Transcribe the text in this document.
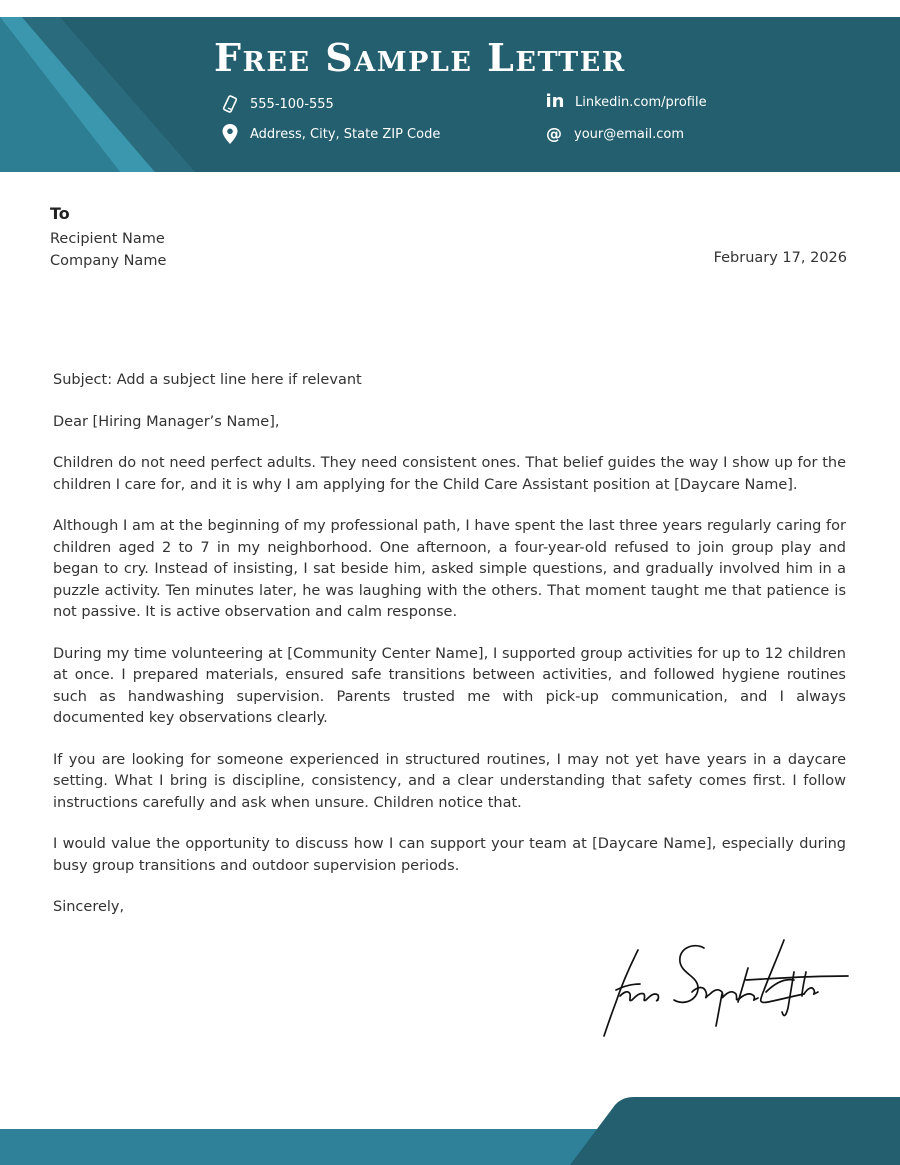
Free Sample Letter
555-100-555
Address, City, State ZIP Code
in Linkedin.com/profile
@ your@email.com
To
Recipient Name
Company Name	February 17, 2026

Subject: Add a subject line here if relevant

Dear [Hiring Manager’s Name],

Children do not need perfect adults. They need consistent ones. That belief guides the way I show up for the children I care for, and it is why I am applying for the Child Care Assistant position at [Daycare Name].

Although I am at the beginning of my professional path, I have spent the last three years regularly caring for children aged 2 to 7 in my neighborhood. One afternoon, a four-year-old refused to join group play and began to cry. Instead of insisting, I sat beside him, asked simple questions, and gradually involved him in a puzzle activity. Ten minutes later, he was laughing with the others. That moment taught me that patience is not passive. It is active observation and calm response.

During my time volunteering at [Community Center Name], I supported group activities for up to 12 children at once. I prepared materials, ensured safe transitions between activities, and followed hygiene routines such as handwashing supervision. Parents trusted me with pick-up communication, and I always documented key observations clearly.

If you are looking for someone experienced in structured routines, I may not yet have years in a daycare setting. What I bring is discipline, consistency, and a clear understanding that safety comes first. I follow instructions carefully and ask when unsure. Children notice that.

I would value the opportunity to discuss how I can support your team at [Daycare Name], especially during busy group transitions and outdoor supervision periods.

Sincerely,
